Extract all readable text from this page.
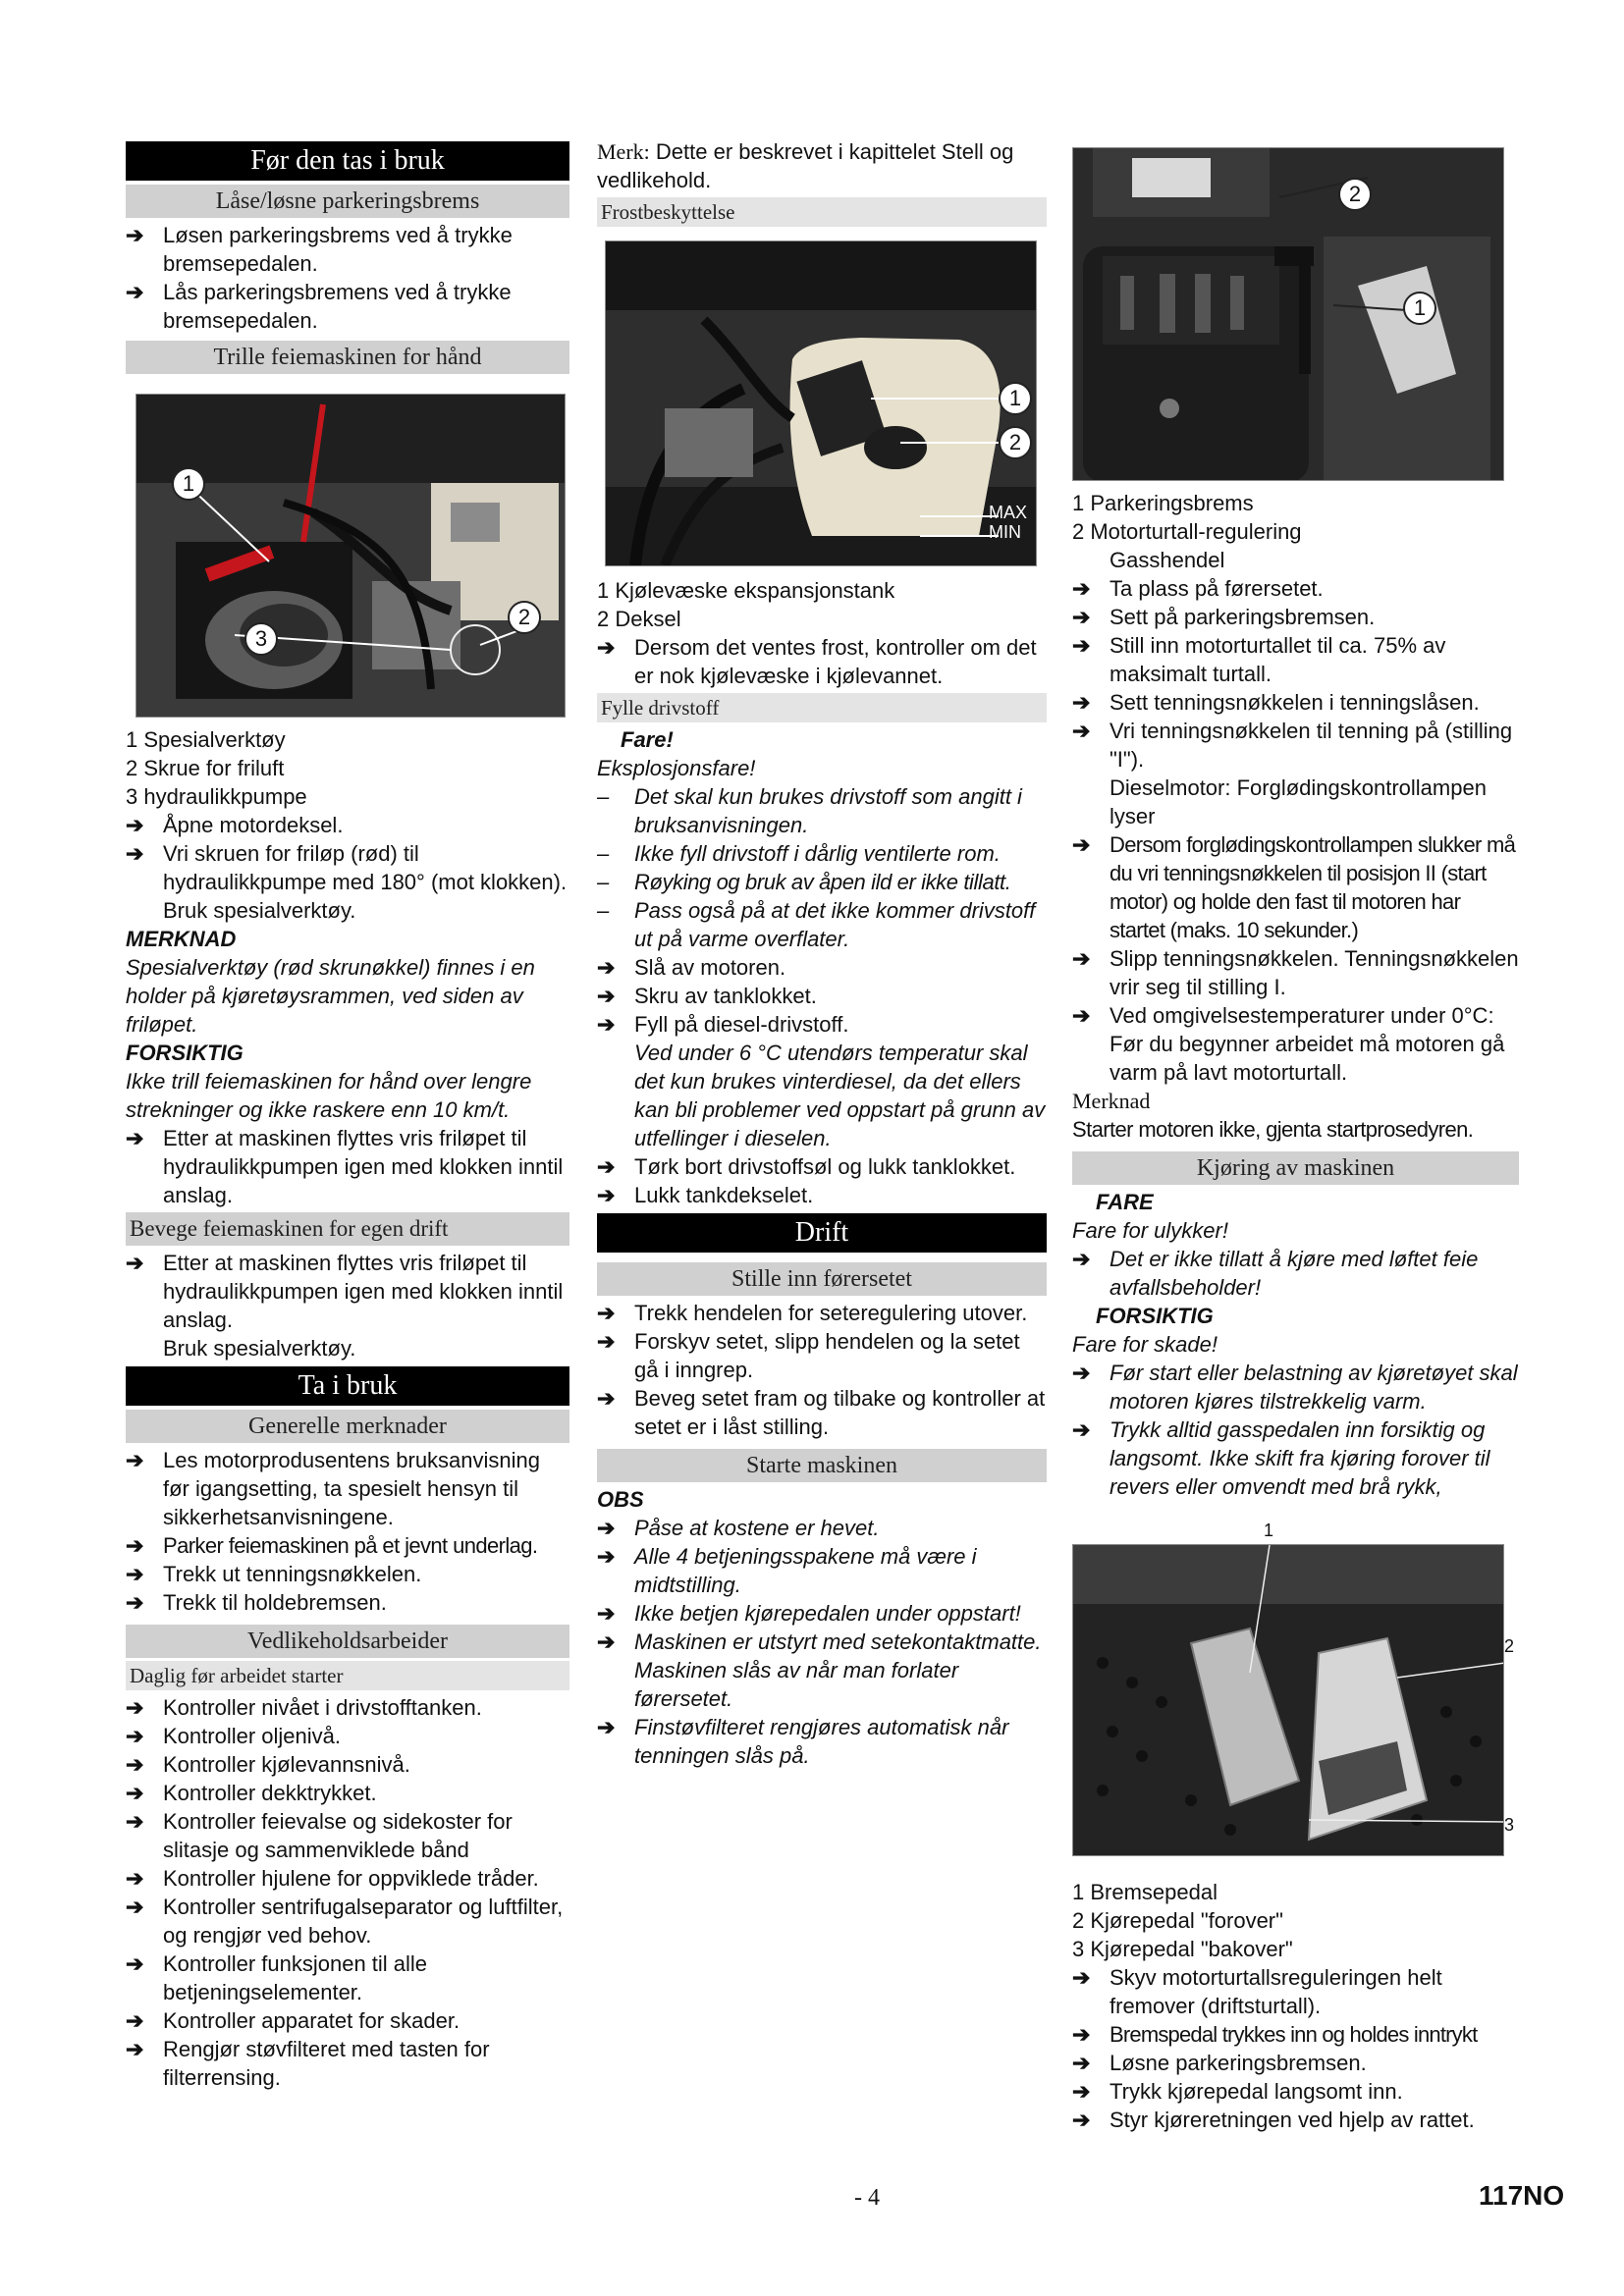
Før den tas i bruk
Låse/løsne parkeringsbrems
➔ Løsen parkeringsbrems ved å trykke bremsepedalen.
➔ Lås parkeringsbremens ved å trykke bremsepedalen.
Trille feiemaskinen for hånd
1
2
3
1 Spesialverktøy
2 Skrue for friluft
3 hydraulikkpumpe
➔ Åpne motordeksel.
➔ Vri skruen for friløp (rød) til hydraulikkpumpe med 180° (mot klokken).
Bruk spesialverktøy.
MERKNAD
Spesialverktøy (rød skrunøkkel) finnes i en holder på kjøretøysrammen, ved siden av friløpet.
FORSIKTIG
Ikke trill feiemaskinen for hånd over lengre strekninger og ikke raskere enn 10 km/t.
➔ Etter at maskinen flyttes vris friløpet til hydraulikkpumpen igen med klokken inntil anslag.
Bevege feiemaskinen for egen drift
➔ Etter at maskinen flyttes vris friløpet til hydraulikkpumpen igen med klokken inntil anslag.
Bruk spesialverktøy.
Ta i bruk
Generelle merknader
➔ Les motorprodusentens bruksanvisning før igangsetting, ta spesielt hensyn til sikkerhetsanvisningene.
➔ Parker feiemaskinen på et jevnt underlag.
➔ Trekk ut tenningsnøkkelen.
➔ Trekk til holdebremsen.
Vedlikeholdsarbeider
Daglig før arbeidet starter
➔ Kontroller nivået i drivstofftanken.
➔ Kontroller oljenivå.
➔ Kontroller kjølevannsnivå.
➔ Kontroller dekktrykket.
➔ Kontroller feievalse og sidekoster for slitasje og sammenviklede bånd
➔ Kontroller hjulene for oppviklede tråder.
➔ Kontroller sentrifugalseparator og luftfilter, og rengjør ved behov.
➔ Kontroller funksjonen til alle betjeningselementer.
➔ Kontroller apparatet for skader.
➔ Rengjør støvfilteret med tasten for filterrensing.
Merk: Dette er beskrevet i kapittelet Stell og vedlikehold.
Frostbeskyttelse
MAX
MIN
1
2
1 Kjølevæske ekspansjonstank
2 Deksel
➔ Dersom det ventes frost, kontroller om det er nok kjølevæske i kjølevannet.
Fylle drivstoff
Fare!
Eksplosjonsfare!
– Det skal kun brukes drivstoff som angitt i bruksanvisningen.
– Ikke fyll drivstoff i dårlig ventilerte rom.
– Røyking og bruk av åpen ild er ikke tillatt.
– Pass også på at det ikke kommer drivstoff ut på varme overflater.
➔ Slå av motoren.
➔ Skru av tanklokket.
➔ Fyll på diesel-drivstoff.
Ved under 6 °C utendørs temperatur skal det kun brukes vinterdiesel, da det ellers kan bli problemer ved oppstart på grunn av utfellinger i dieselen.
➔ Tørk bort drivstoffsøl og lukk tanklokket.
➔ Lukk tankdekselet.
Drift
Stille inn førersetet
➔ Trekk hendelen for seteregulering utover.
➔ Forskyv setet, slipp hendelen og la setet gå i inngrep.
➔ Beveg setet fram og tilbake og kontroller at setet er i låst stilling.
Starte maskinen
OBS
➔ Påse at kostene er hevet.
➔ Alle 4 betjeningsspakene må være i midtstilling.
➔ Ikke betjen kjørepedalen under oppstart!
➔ Maskinen er utstyrt med setekontaktmatte. Maskinen slås av når man forlater førersetet.
➔ Finstøvfilteret rengjøres automatisk når tenningen slås på.
2
1
1 Parkeringsbrems
2 Motorturtall-regulering
Gasshendel
➔ Ta plass på førersetet.
➔ Sett på parkeringsbremsen.
➔ Still inn motorturtallet til ca. 75% av maksimalt turtall.
➔ Sett tenningsnøkkelen i tenningslåsen.
➔ Vri tenningsnøkkelen til tenning på (stilling "I").
Dieselmotor: Forglødingskontrollampen lyser
➔ Dersom forglødingskontrollampen slukker må du vri tenningsnøkkelen til posisjon II (start motor) og holde den fast til motoren har startet (maks. 10 sekunder.)
➔ Slipp tenningsnøkkelen. Tenningsnøkkelen vrir seg til stilling I.
➔ Ved omgivelsestemperaturer under 0°C: Før du begynner arbeidet må motoren gå varm på lavt motorturtall.
Merknad
Starter motoren ikke, gjenta startprosedyren.
Kjøring av maskinen
FARE
Fare for ulykker!
➔ Det er ikke tillatt å kjøre med løftet feie avfallsbeholder!
FORSIKTIG
Fare for skade!
➔ Før start eller belastning av kjøretøyet skal motoren kjøres tilstrekkelig varm.
➔ Trykk alltid gasspedalen inn forsiktig og langsomt. Ikke skift fra kjøring forover til revers eller omvendt med brå rykk,
1
2
3
1 Bremsepedal
2 Kjørepedal "forover"
3 Kjørepedal "bakover"
➔ Skyv motorturtallsreguleringen helt fremover (driftsturtall).
➔ Bremspedal trykkes inn og holdes inntrykt
➔ Løsne parkeringsbremsen.
➔ Trykk kjørepedal langsomt inn.
➔ Styr kjøreretningen ved hjelp av rattet.
- 4	117NO
